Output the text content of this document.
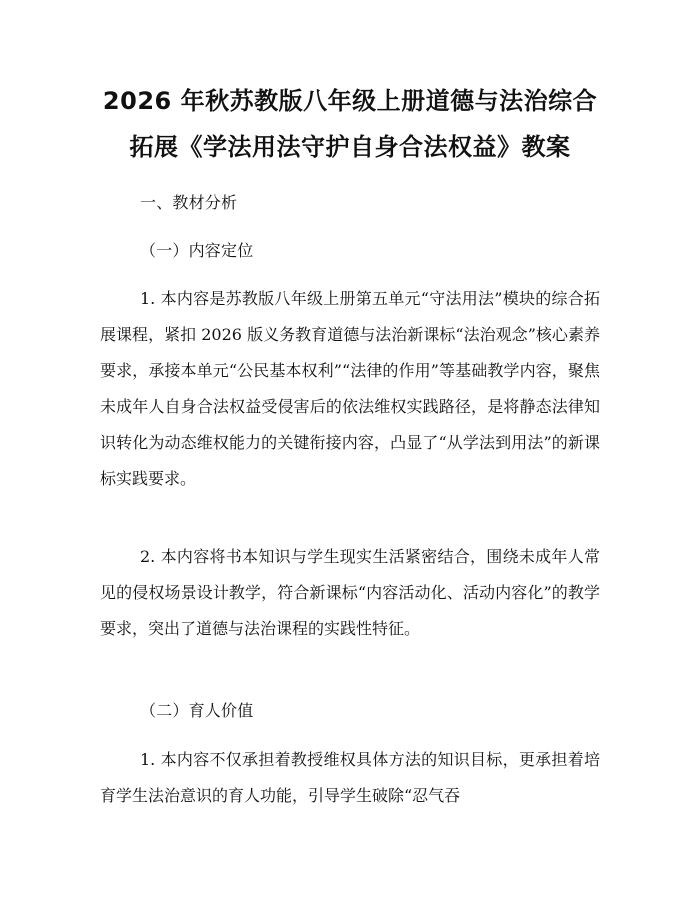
2026 年秋苏教版八年级上册道德与法治综合
拓展《学法用法守护自身合法权益》教案
一、教材分析
（一）内容定位
1. 本内容是苏教版八年级上册第五单元“守法用法”模块的综合拓展课程，紧扣 2026 版义务教育道德与法治新课标“法治观念”核心素养要求，承接本单元“公民基本权利”“法律的作用”等基础教学内容，聚焦未成年人自身合法权益受侵害后的依法维权实践路径，是将静态法律知识转化为动态维权能力的关键衔接内容，凸显了“从学法到用法”的新课标实践要求。
2. 本内容将书本知识与学生现实生活紧密结合，围绕未成年人常见的侵权场景设计教学，符合新课标“内容活动化、活动内容化”的教学要求，突出了道德与法治课程的实践性特征。
（二）育人价值
1. 本内容不仅承担着教授维权具体方法的知识目标，更承担着培育学生法治意识的育人功能，引导学生破除“忍气吞
